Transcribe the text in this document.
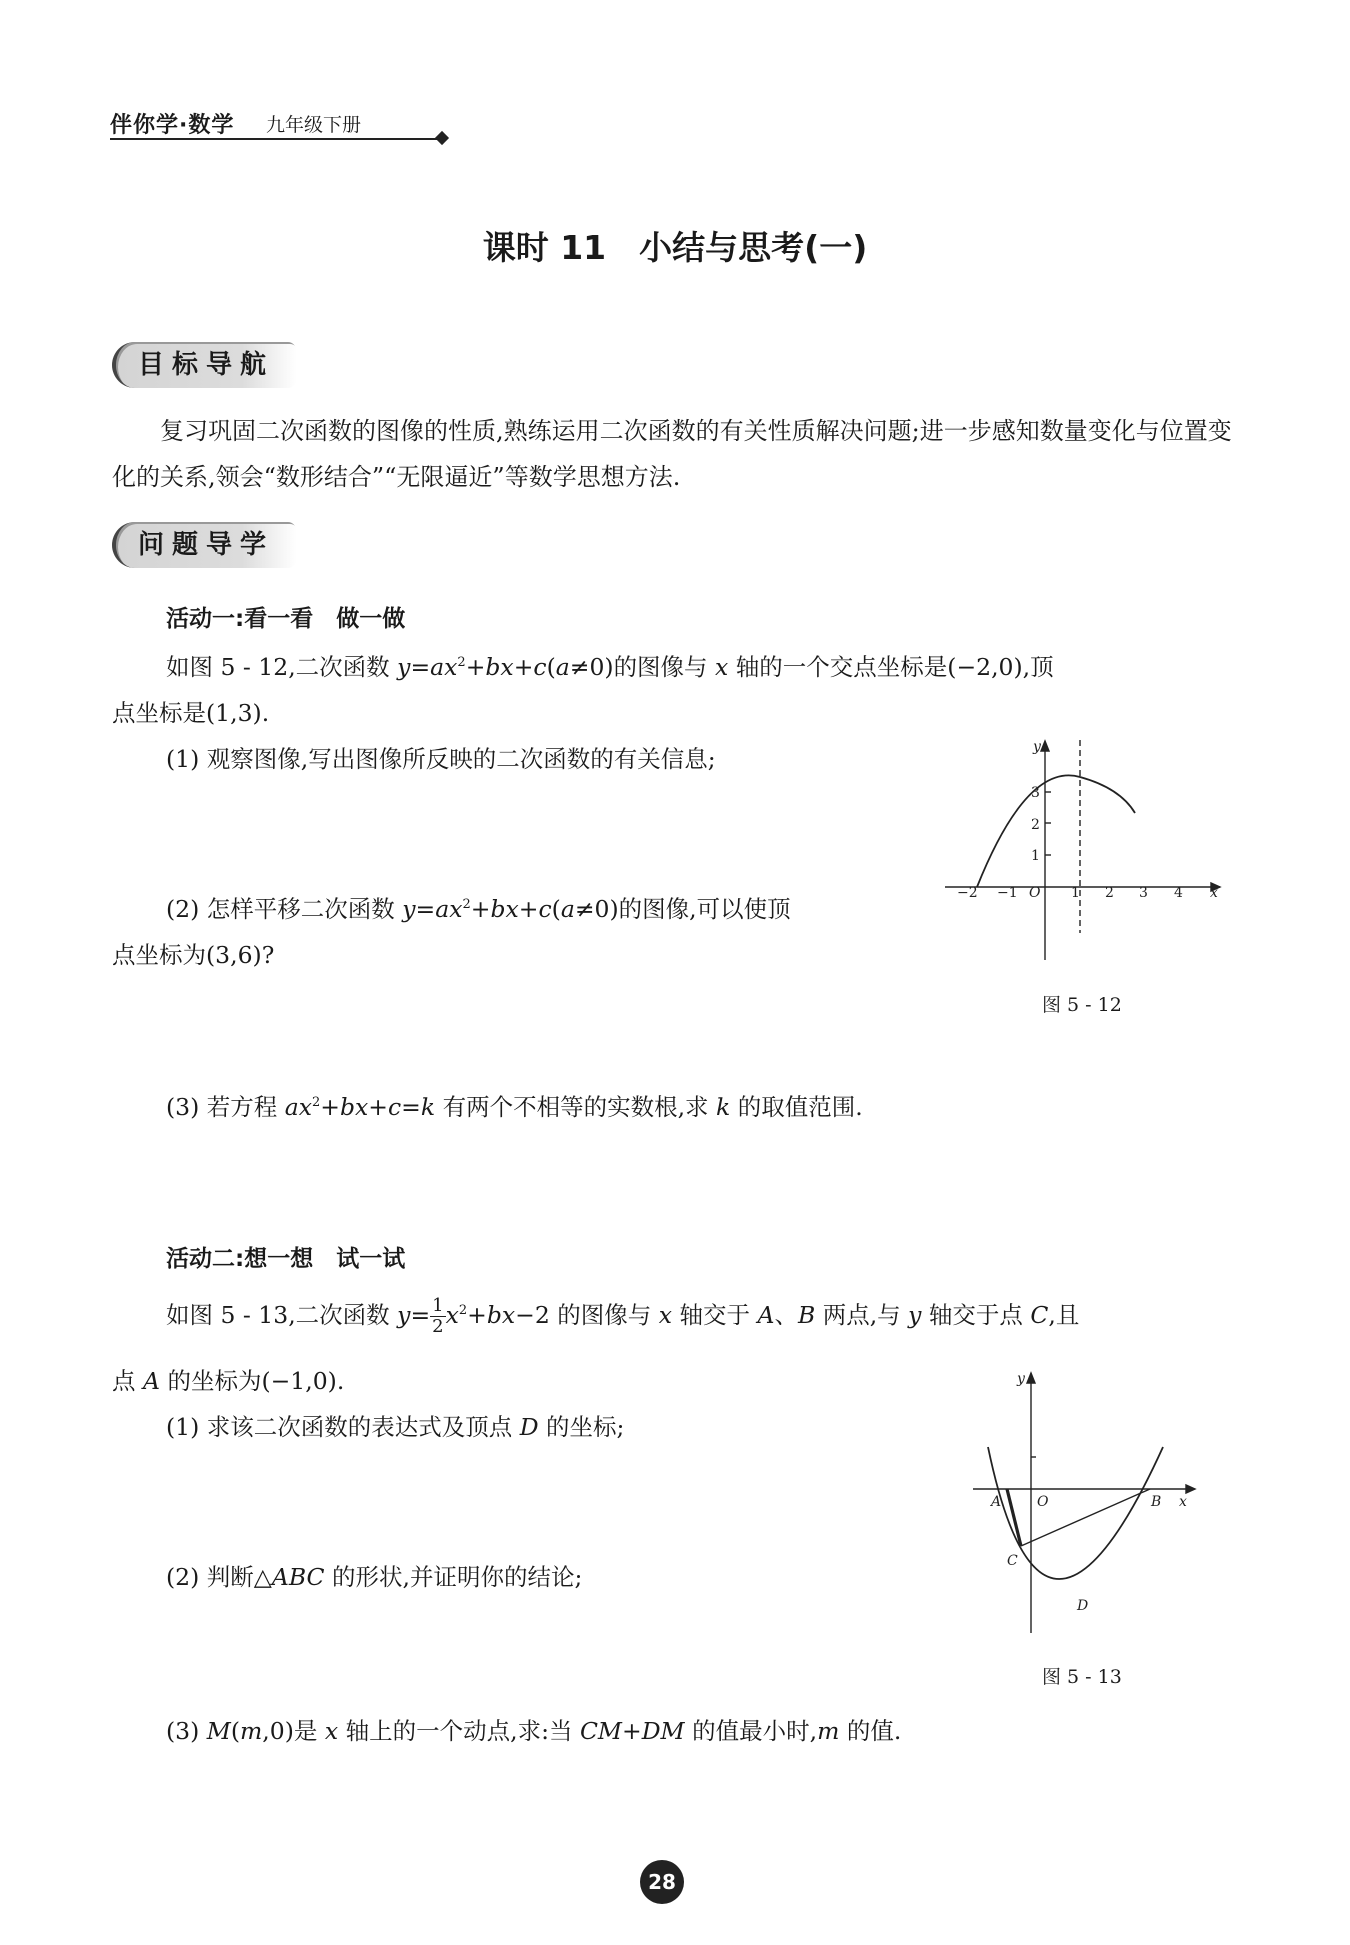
伴你学·数学 九年级下册
课时 11　小结与思考(一)
目标导航
复习巩固二次函数的图像的性质,熟练运用二次函数的有关性质解决问题;进一步感知数量变化与位置变化的关系,领会“数形结合”“无限逼近”等数学思想方法.
问题导学
活动一:看一看　做一做
如图 5 - 12,二次函数 $y=ax^2+bx+c(a\ne 0)$的图像与 x 轴的一个交点坐标是(−2,0),顶
点坐标是(1,3).
(1) 观察图像,写出图像所反映的二次函数的有关信息;
(2) 怎样平移二次函数 $y=ax^2+bx+c(a\ne 0)$的图像,可以使顶
点坐标为(3,6)?
(3) 若方程 $ax^2+bx+c=k$ 有两个不相等的实数根,求 k 的取值范围.
y
3
2
1
−2 −1 O 1 2 3 4 x
图 5 - 12
活动二:想一想　试一试
如图 5 - 13,二次函数 $y= \frac{1}{2} x^2+bx-2$ 的图像与 x 轴交于 A、B 两点,与 y 轴交于点 C,且
点 A 的坐标为(−1,0).
(1) 求该二次函数的表达式及顶点 D 的坐标;
(2) 判断△ABC 的形状,并证明你的结论;
(3) M(m,0)是 x 轴上的一个动点,求:当 CM+DM 的值最小时,m 的值.
y
A	O	B x
C
D
图 5 - 13
28
